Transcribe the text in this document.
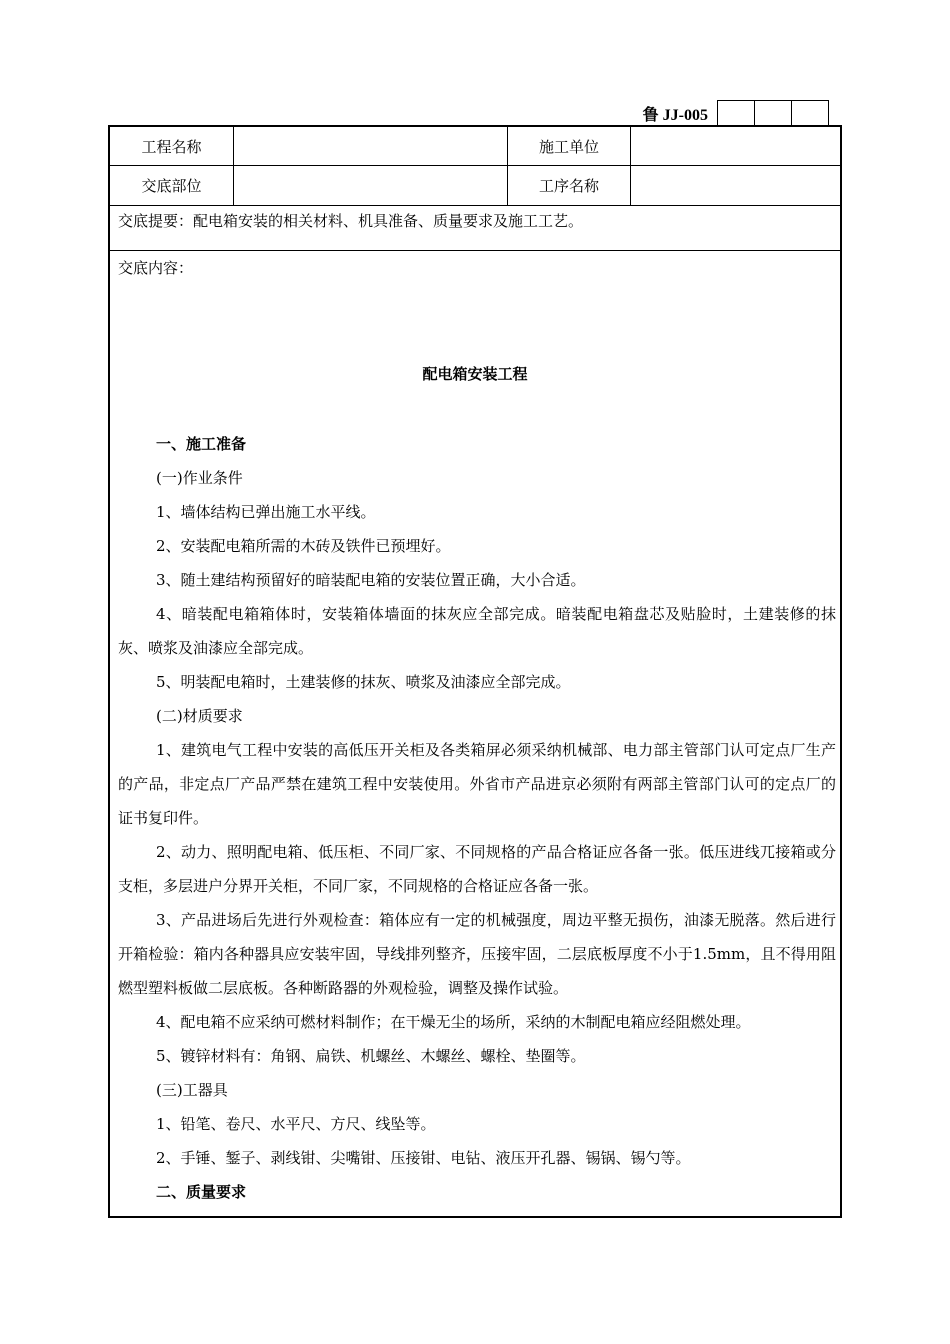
鲁 JJ-005
工程名称	施工单位
交底部位	工序名称
交底提要：配电箱安装的相关材料、机具准备、质量要求及施工工艺。
交底内容：
配电箱安装工程
一、施工准备
(一)作业条件
1、墙体结构已弹出施工水平线。
2、安装配电箱所需的木砖及铁件已预埋好。
3、随土建结构预留好的暗装配电箱的安装位置正确，大小合适。
4、暗装配电箱箱体时，安装箱体墙面的抹灰应全部完成。暗装配电箱盘芯及贴脸时，土建装修的抹灰、喷浆及油漆应全部完成。
5、明装配电箱时，土建装修的抹灰、喷浆及油漆应全部完成。
(二)材质要求
1、建筑电气工程中安装的高低压开关柜及各类箱屏必须采纳机械部、电力部主管部门认可定点厂生产的产品，非定点厂产品严禁在建筑工程中安装使用。外省市产品进京必须附有两部主管部门认可的定点厂的证书复印件。
2、动力、照明配电箱、低压柜、不同厂家、不同规格的产品合格证应各备一张。低压进线兀接箱或分支柜，多层进户分界开关柜，不同厂家，不同规格的合格证应各备一张。
3、产品进场后先进行外观检查：箱体应有一定的机械强度，周边平整无损伤，油漆无脱落。然后进行开箱检验：箱内各种器具应安装牢固，导线排列整齐，压接牢固，二层底板厚度不小于1.5mm，且不得用阻燃型塑料板做二层底板。各种断路器的外观检验，调整及操作试验。
4、配电箱不应采纳可燃材料制作；在干燥无尘的场所，采纳的木制配电箱应经阻燃处理。
5、镀锌材料有：角钢、扁铁、机螺丝、木螺丝、螺栓、垫圈等。
(三)工器具
1、铅笔、卷尺、水平尺、方尺、线坠等。
2、手锤、錾子、剥线钳、尖嘴钳、压接钳、电钻、液压开孔器、锡锅、锡勺等。
二、质量要求
